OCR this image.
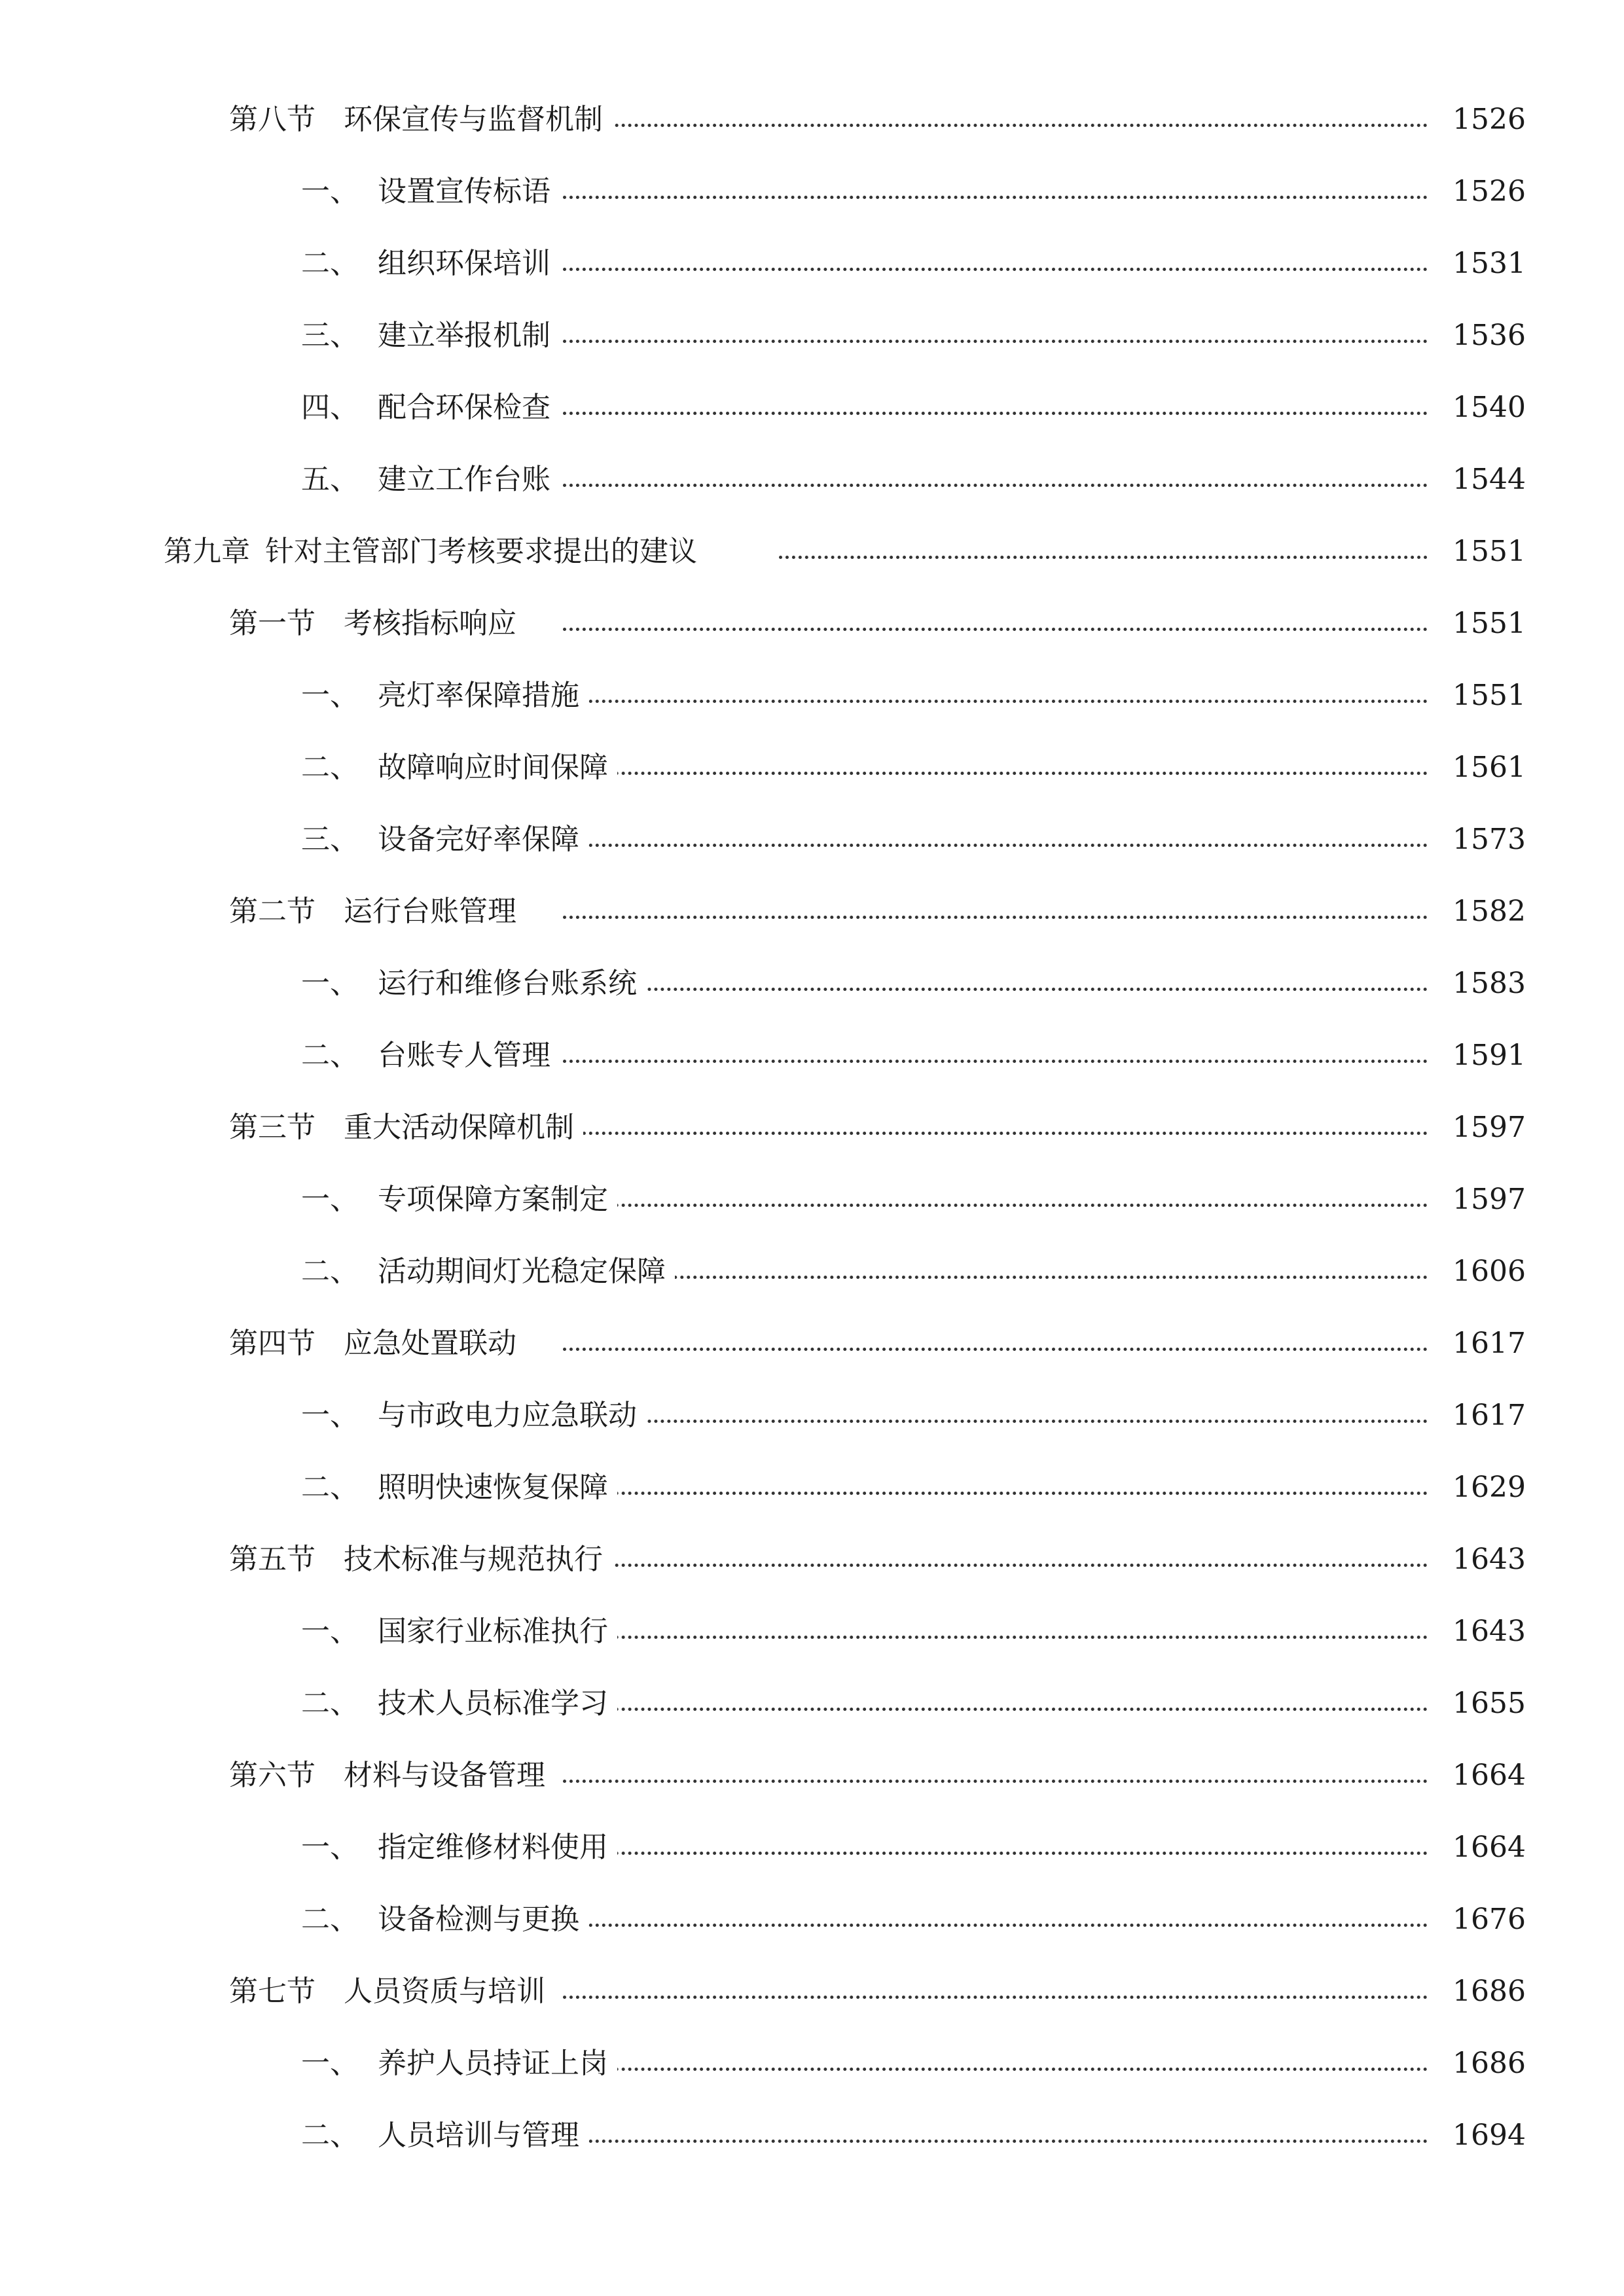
第八节 环保宣传与监督机制	1526
一、 设置宣传标语	1526
二、 组织环保培训	1531
三、 建立举报机制	1536
四、 配合环保检查	1540
五、 建立工作台账	1544
第九章 针对主管部门考核要求提出的建议	1551
第一节 考核指标响应	1551
一、 亮灯率保障措施	1551
二、 故障响应时间保障	1561
三、 设备完好率保障	1573
第二节 运行台账管理	1582
一、 运行和维修台账系统	1583
二、 台账专人管理	1591
第三节 重大活动保障机制	1597
一、 专项保障方案制定	1597
二、 活动期间灯光稳定保障	1606
第四节 应急处置联动	1617
一、 与市政电力应急联动	1617
二、 照明快速恢复保障	1629
第五节 技术标准与规范执行	1643
一、 国家行业标准执行	1643
二、 技术人员标准学习	1655
第六节 材料与设备管理	1664
一、 指定维修材料使用	1664
二、 设备检测与更换	1676
第七节 人员资质与培训	1686
一、 养护人员持证上岗	1686
二、 人员培训与管理	1694
